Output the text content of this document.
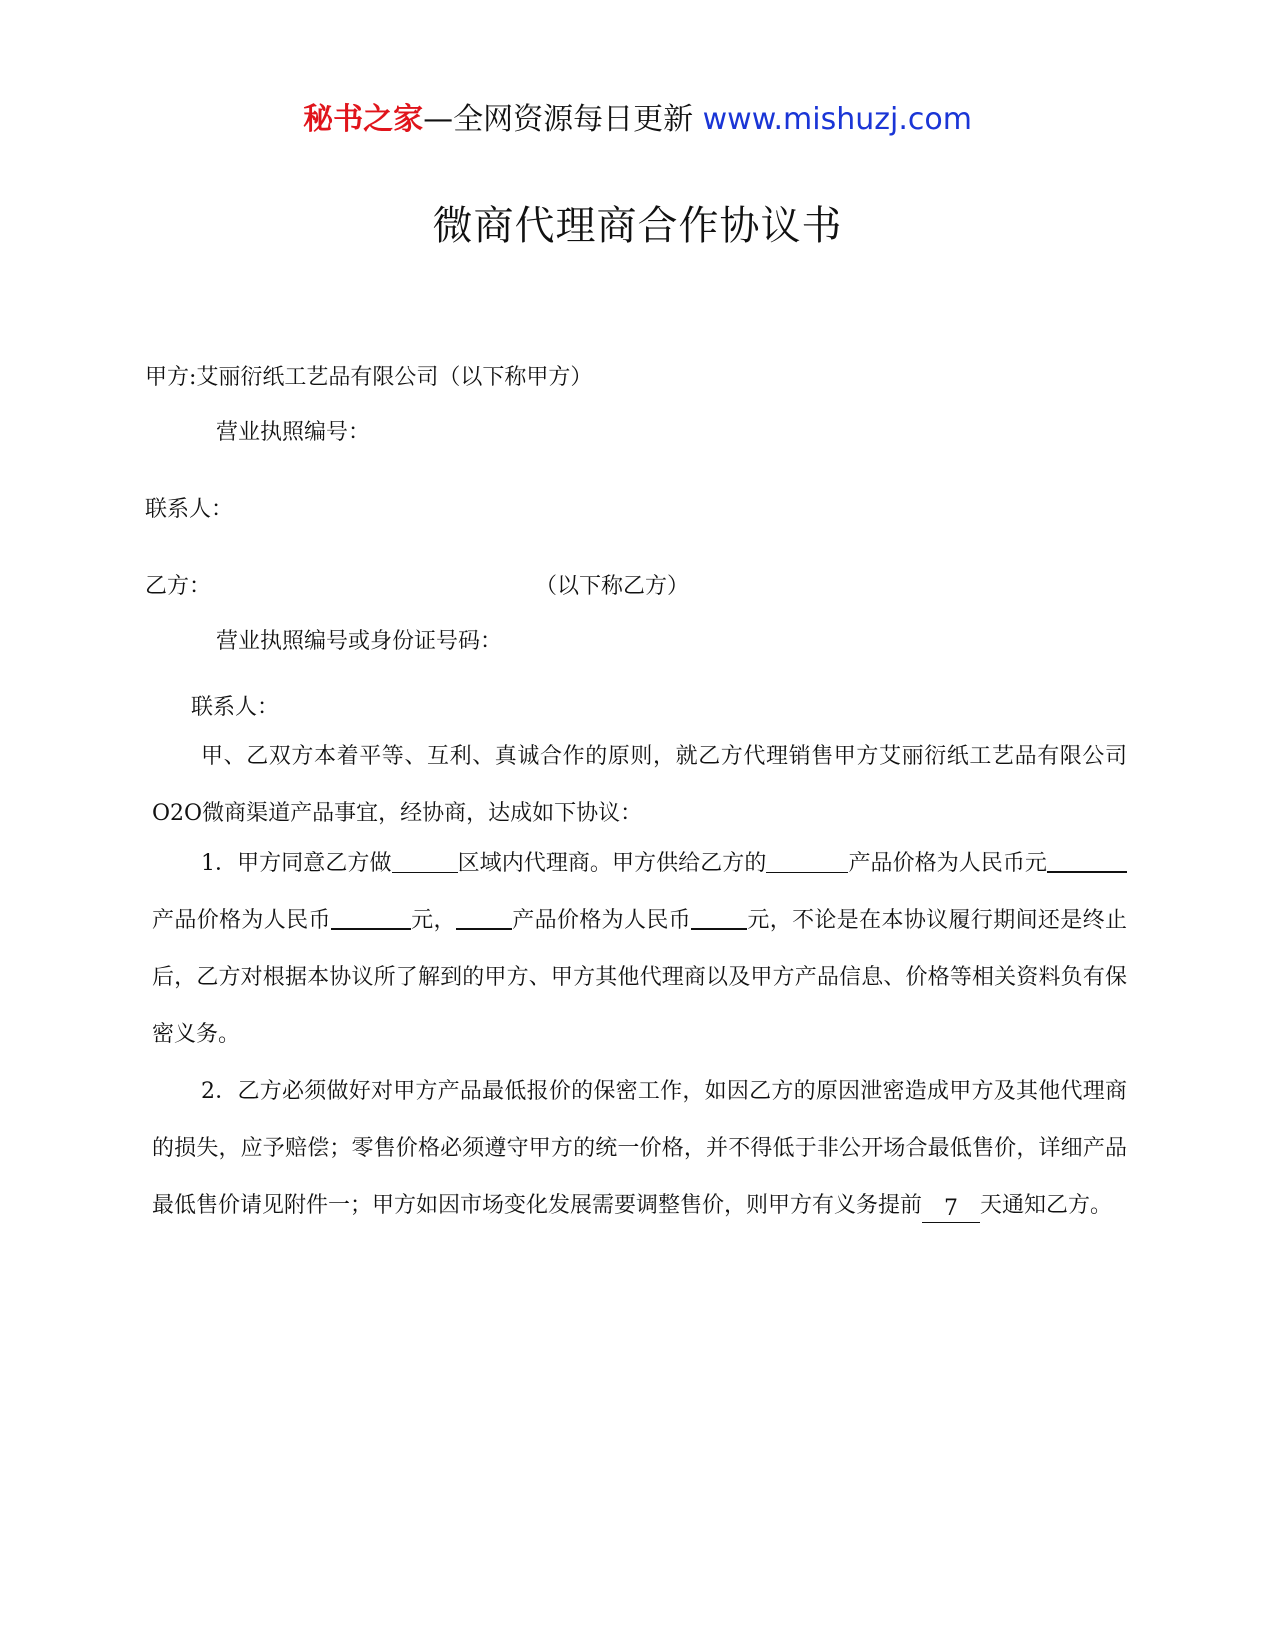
秘书之家—全网资源每日更新 www.mishuzj.com
微商代理商合作协议书
甲方:艾丽衍纸工艺品有限公司（以下称甲方）
营业执照编号：
联系人：
乙方：	（以下称乙方）
营业执照编号或身份证号码：
联系人：

甲、乙双方本着平等、互利、真诚合作的原则，就乙方代理销售甲方艾丽衍纸工艺品有限公司O2O微商渠道产品事宜，经协商，达成如下协议：

1．甲方同意乙方做	区域内代理商。甲方供给乙方的	产品价格为人民币元产品价格为人民币	元，	产品价格为人民币	元，不论是在本协议履行期间还是终止后，乙方对根据本协议所了解到的甲方、甲方其他代理商以及甲方产品信息、价格等相关资料负有保密义务。

2．乙方必须做好对甲方产品最低报价的保密工作，如因乙方的原因泄密造成甲方及其他代理商的损失，应予赔偿；零售价格必须遵守甲方的统一价格，并不得低于非公开场合最低售价，详细产品最低售价请见附件一；甲方如因市场变化发展需要调整售价，则甲方有义务提前 7 天通知乙方。
